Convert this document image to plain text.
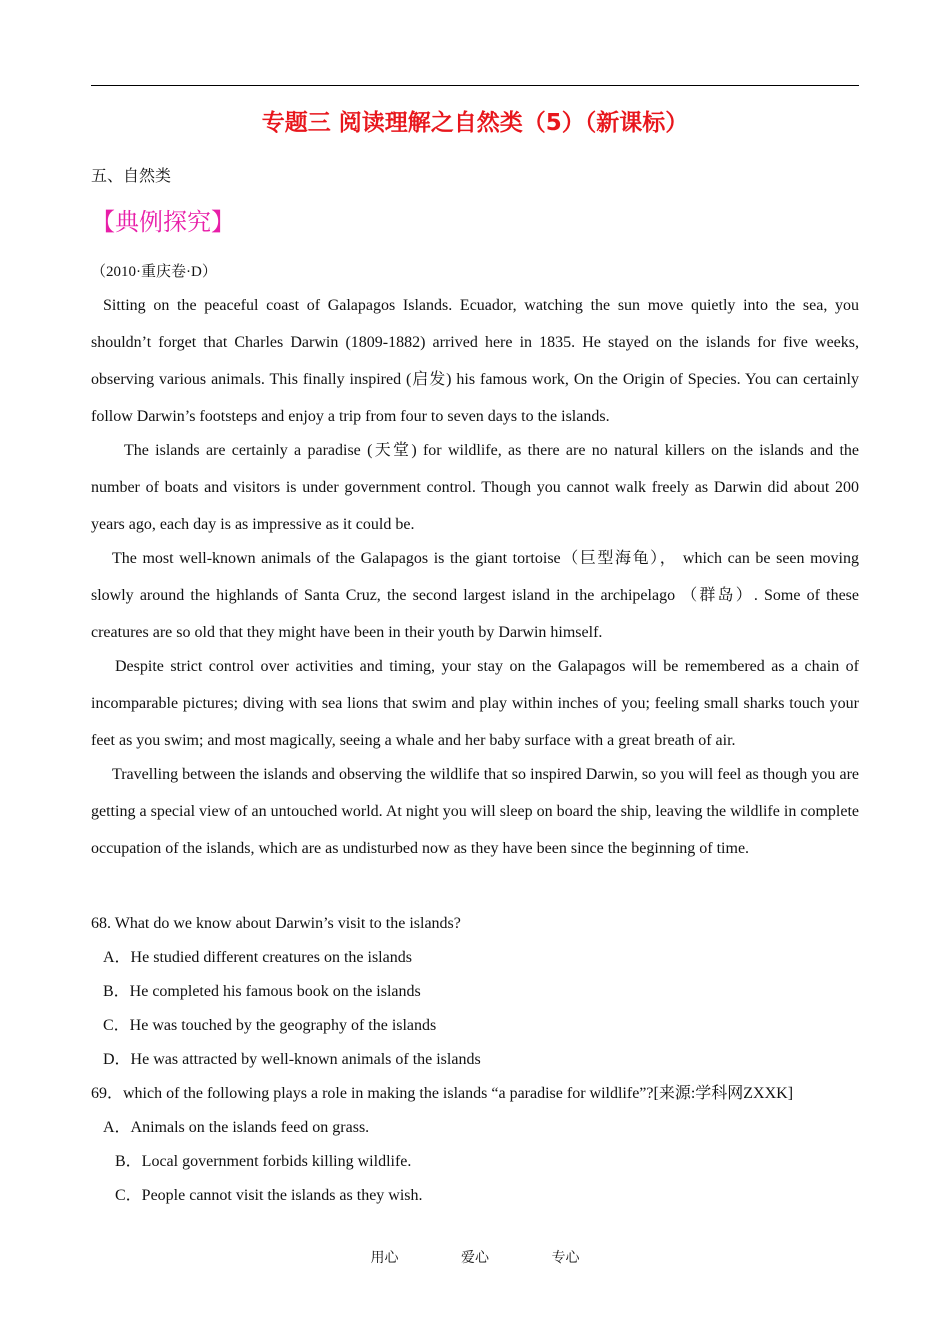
专题三 阅读理解之自然类（5）（新课标）
五、自然类
【典例探究】
（2010·重庆卷·D）

Sitting on the peaceful coast of Galapagos Islands. Ecuador, watching the sun move quietly into the sea, you shouldn’t forget that Charles Darwin (1809-1882) arrived here in 1835. He stayed on the islands for five weeks, observing various animals. This finally inspired (启发) his famous work, On the Origin of Species. You can certainly follow Darwin’s footsteps and enjoy a trip from four to seven days to the islands.

The islands are certainly a paradise (天堂) for wildlife, as there are no natural killers on the islands and the number of boats and visitors is under government control. Though you cannot walk freely as Darwin did about 200 years ago, each day is as impressive as it could be.

The most well-known animals of the Galapagos is the giant tortoise（巨型海龟）， which can be seen moving slowly around the highlands of Santa Cruz, the second largest island in the archipelago （群岛）. Some of these creatures are so old that they might have been in their youth by Darwin himself.

Despite strict control over activities and timing, your stay on the Galapagos will be remembered as a chain of incomparable pictures; diving with sea lions that swim and play within inches of you; feeling small sharks touch your feet as you swim; and most magically, seeing a whale and her baby surface with a great breath of air.

Travelling between the islands and observing the wildlife that so inspired Darwin, so you will feel as though you are getting a special view of an untouched world. At night you will sleep on board the ship, leaving the wildlife in complete occupation of the islands, which are as undisturbed now as they have been since the beginning of time.

68. What do we know about Darwin’s visit to the islands?
A．He studied different creatures on the islands
B．He completed his famous book on the islands
C．He was touched by the geography of the islands
D．He was attracted by well-known animals of the islands
69．which of the following plays a role in making the islands “a paradise for wildlife”?[来源:学科网ZXXK]
A．Animals on the islands feed on grass.
B．Local government forbids killing wildlife.
C．People cannot visit the islands as they wish.
用心	爱心	专心
